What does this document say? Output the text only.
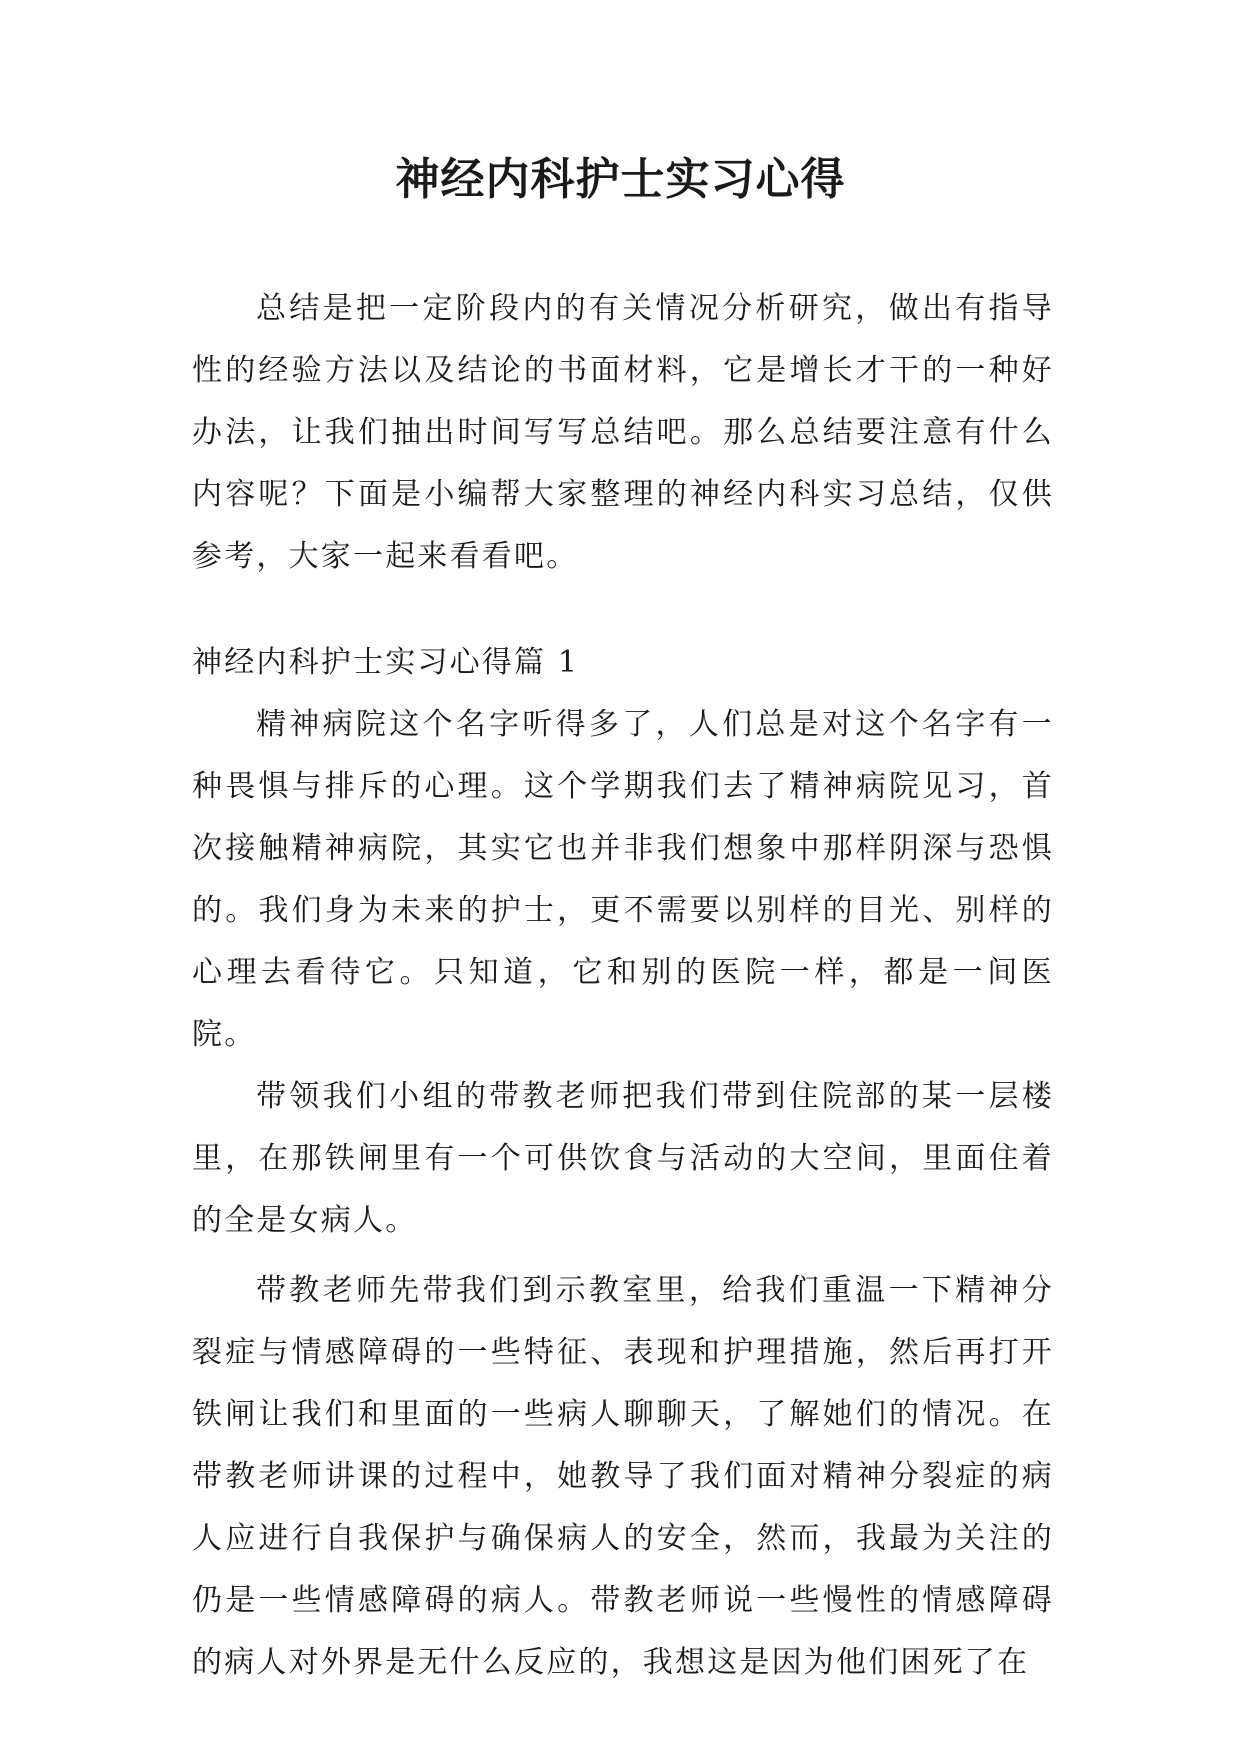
神经内科护士实习心得

总结是把一定阶段内的有关情况分析研究，做出有指导性的经验方法以及结论的书面材料，它是增长才干的一种好办法，让我们抽出时间写写总结吧。那么总结要注意有什么内容呢？下面是小编帮大家整理的神经内科实习总结，仅供参考，大家一起来看看吧。

神经内科护士实习心得篇 1

精神病院这个名字听得多了，人们总是对这个名字有一种畏惧与排斥的心理。这个学期我们去了精神病院见习，首次接触精神病院，其实它也并非我们想象中那样阴深与恐惧的。我们身为未来的护士，更不需要以别样的目光、别样的心理去看待它。只知道，它和别的医院一样，都是一间医院。

带领我们小组的带教老师把我们带到住院部的某一层楼里，在那铁闸里有一个可供饮食与活动的大空间，里面住着的全是女病人。

带教老师先带我们到示教室里，给我们重温一下精神分裂症与情感障碍的一些特征、表现和护理措施，然后再打开铁闸让我们和里面的一些病人聊聊天，了解她们的情况。在带教老师讲课的过程中，她教导了我们面对精神分裂症的病人应进行自我保护与确保病人的安全，然而，我最为关注的仍是一些情感障碍的病人。带教老师说一些慢性的情感障碍的病人对外界是无什么反应的，我想这是因为他们困死了在
